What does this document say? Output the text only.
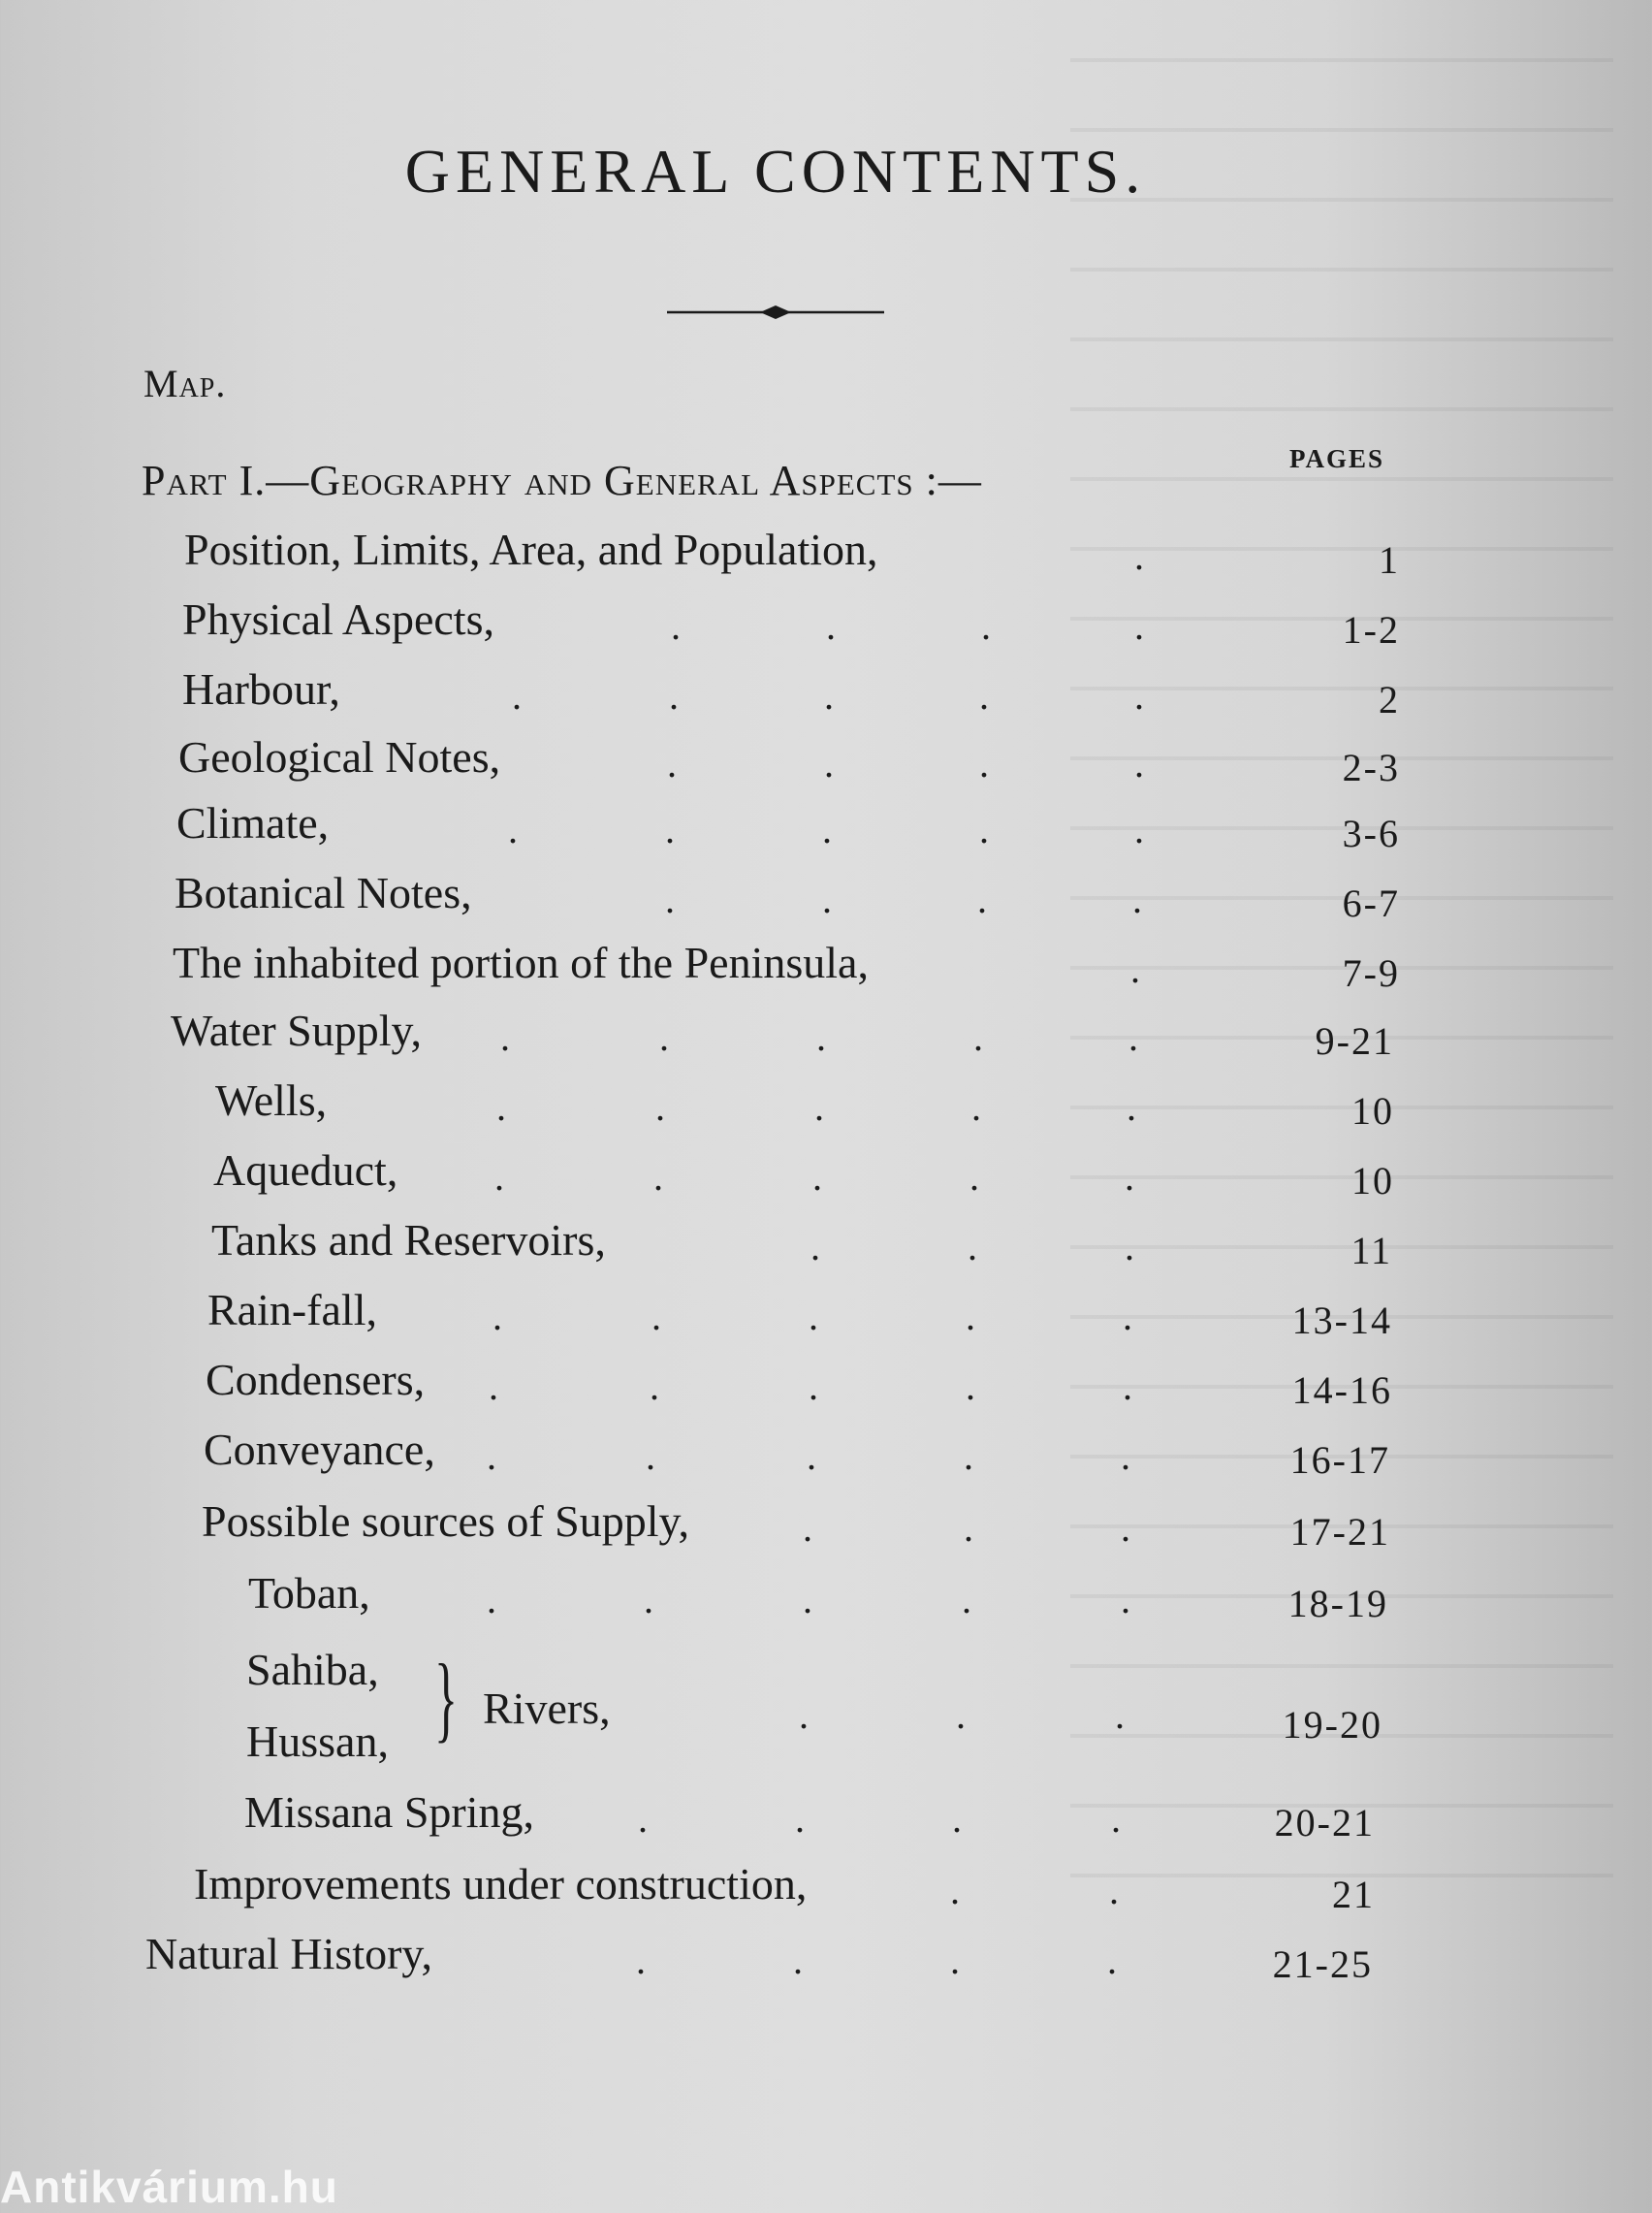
GENERAL CONTENTS.

Map.

PAGES
Part I.—Geography and General Aspects :—
Position, Limits, Area, and Population,	.	1
Physical Aspects,	.	.	.	.	1-2
Harbour,	.	.	.	.	.	2
Geological Notes,	.	.	.	.	2-3
Climate,	.	.	.	.	.	3-6
Botanical Notes,	.	.	.	.	6-7
The inhabited portion of the Peninsula,	.	7-9
Water Supply, .	.	.	.	.	9-21
Wells,	.	.	.	.	.	10
Aqueduct, .	.	.	.	.	10
Tanks and Reservoirs,	.	.	.	11
Rain-fall,	.	.	.	.	.	13-14
Condensers, .	.	.	.	.	14-16
Conveyance, .	.	.	.	.	16-17
Possible sources of Supply,	.	.	.	17-21
Toban,	.	.	.	.	.	18-19
Sahiba,
Hussan, } Rivers,	.	.	.	19-20
Missana Spring,	.	.	.	.	20-21
Improvements under construction,	.	.	21
Natural History,	.	.	.	.	21-25
Antikvárium.hu
